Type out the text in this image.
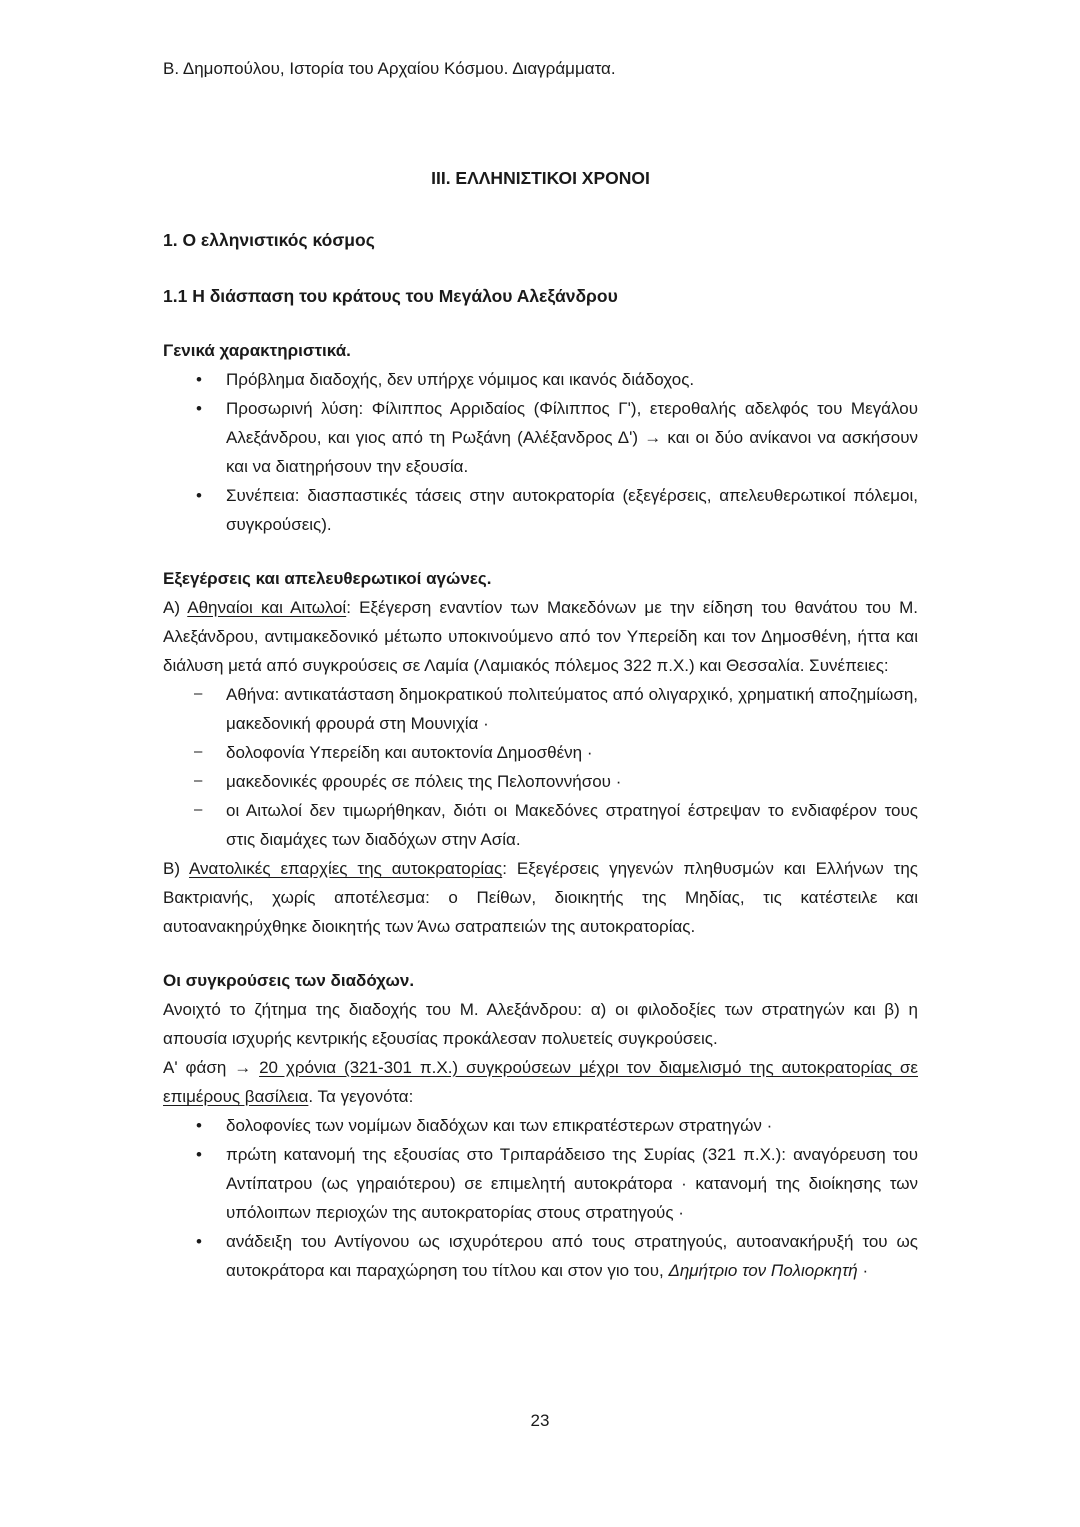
Β. Δημοπούλου, Ιστορία του Αρχαίου Κόσμου. Διαγράμματα.
ΙΙΙ. ΕΛΛΗΝΙΣΤΙΚΟΙ ΧΡΟΝΟΙ
1. Ο ελληνιστικός κόσμος
1.1 Η διάσπαση του κράτους του Μεγάλου Αλεξάνδρου
Γενικά χαρακτηριστικά.
• Πρόβλημα διαδοχής, δεν υπήρχε νόμιμος και ικανός διάδοχος.
• Προσωρινή λύση: Φίλιππος Αρριδαίος (Φίλιππος Γʹ), ετεροθαλής αδελφός του Μεγάλου Αλεξάνδρου, και γιος από τη Ρωξάνη (Αλέξανδρος Δʹ) → και οι δύο ανίκανοι να ασκήσουν και να διατηρήσουν την εξουσία.
• Συνέπεια: διασπαστικές τάσεις στην αυτοκρατορία (εξεγέρσεις, απελευθερωτικοί πόλεμοι, συγκρούσεις).
Εξεγέρσεις και απελευθερωτικοί αγώνες.
Α) Αθηναίοι και Αιτωλοί: Εξέγερση εναντίον των Μακεδόνων με την είδηση του θανάτου του Μ. Αλεξάνδρου, αντιμακεδονικό μέτωπο υποκινούμενο από τον Υπερείδη και τον Δημοσθένη, ήττα και διάλυση μετά από συγκρούσεις σε Λαμία (Λαμιακός πόλεμος 322 π.Χ.) και Θεσσαλία. Συνέπειες:
– Αθήνα: αντικατάσταση δημοκρατικού πολιτεύματος από ολιγαρχικό, χρηματική αποζημίωση, μακεδονική φρουρά στη Μουνιχία ·
– δολοφονία Υπερείδη και αυτοκτονία Δημοσθένη ·
– μακεδονικές φρουρές σε πόλεις της Πελοποννήσου ·
– οι Αιτωλοί δεν τιμωρήθηκαν, διότι οι Μακεδόνες στρατηγοί έστρεψαν το ενδιαφέρον τους στις διαμάχες των διαδόχων στην Ασία.
Β) Ανατολικές επαρχίες της αυτοκρατορίας: Εξεγέρσεις γηγενών πληθυσμών και Ελλήνων της Βακτριανής, χωρίς αποτέλεσμα: ο Πείθων, διοικητής της Μηδίας, τις κατέστειλε και αυτοανακηρύχθηκε διοικητής των Άνω σατραπειών της αυτοκρατορίας.
Οι συγκρούσεις των διαδόχων.
Ανοιχτό το ζήτημα της διαδοχής του Μ. Αλεξάνδρου: α) οι φιλοδοξίες των στρατηγών και β) η απουσία ισχυρής κεντρικής εξουσίας προκάλεσαν πολυετείς συγκρούσεις.
Αʹ φάση → 20 χρόνια (321-301 π.Χ.) συγκρούσεων μέχρι τον διαμελισμό της αυτοκρατορίας σε επιμέρους βασίλεια. Τα γεγονότα:
• δολοφονίες των νομίμων διαδόχων και των επικρατέστερων στρατηγών ·
• πρώτη κατανομή της εξουσίας στο Τριπαράδεισο της Συρίας (321 π.Χ.): αναγόρευση του Αντίπατρου (ως γηραιότερου) σε επιμελητή αυτοκράτορα · κατανομή της διοίκησης των υπόλοιπων περιοχών της αυτοκρατορίας στους στρατηγούς ·
• ανάδειξη του Αντίγονου ως ισχυρότερου από τους στρατηγούς, αυτοανακήρυξή του ως αυτοκράτορα και παραχώρηση του τίτλου και στον γιο του, Δημήτριο τον Πολιορκητή ·
23
